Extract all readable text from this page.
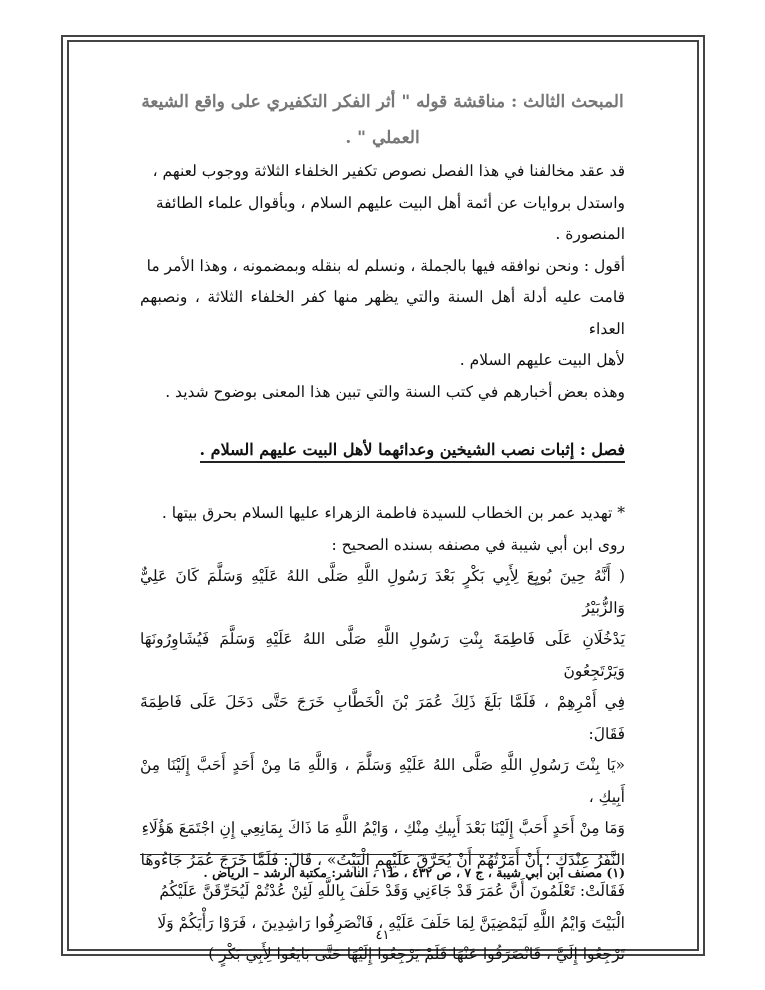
المبحث الثالث : مناقشة قوله " أثر الفكر التكفيري على واقع الشيعة
العملي " .

قد عقد مخالفنا في هذا الفصل نصوص تكفير الخلفاء الثلاثة ووجوب لعنهم ،

واستدل بروايات عن أئمة أهل البيت عليهم السلام ، وبأقوال علماء الطائفة

المنصورة .

أقول : ونحن نوافقه فيها بالجملة ، ونسلم له بنقله وبمضمونه ، وهذا الأمر ما

قامت عليه أدلة أهل السنة والتي يظهر منها كفر الخلفاء الثلاثة ، ونصبهم العداء

لأهل البيت عليهم السلام .

وهذه بعض أخبارهم في كتب السنة والتي تبين هذا المعنى بوضوح شديد .

فصل : إثبات نصب الشيخين وعدائهما لأهل البيت عليهم السلام .

* تهديد عمر بن الخطاب للسيدة فاطمة الزهراء عليها السلام بحرق بيتها .

روى ابن أبي شيبة في مصنفه بسنده الصحيح :

( أَنَّهُ حِينَ بُويِعَ لِأَبِي بَكْرٍ بَعْدَ رَسُولِ اللَّهِ صَلَّى اللهُ عَلَيْهِ وَسَلَّمَ كَانَ عَلِيٌّ وَالزُّبَيْرُ

يَدْخُلَانِ عَلَى فَاطِمَةَ بِنْتِ رَسُولِ اللَّهِ صَلَّى اللهُ عَلَيْهِ وَسَلَّمَ فَيُشَاوِرُونَهَا وَيَرْتَجِعُونَ

فِي أَمْرِهِمْ ، فَلَمَّا بَلَغَ ذَلِكَ عُمَرَ بْنَ الْخَطَّابِ خَرَجَ حَتَّى دَخَلَ عَلَى فَاطِمَةَ فَقَالَ:

«يَا بِنْتَ رَسُولِ اللَّهِ صَلَّى اللهُ عَلَيْهِ وَسَلَّمَ ، وَاللَّهِ مَا مِنْ أَحَدٍ أَحَبَّ إِلَيْنَا مِنْ أَبِيكِ ،

وَمَا مِنْ أَحَدٍ أَحَبَّ إِلَيْنَا بَعْدَ أَبِيكِ مِنْكِ ، وَايْمُ اللَّهِ مَا ذَاكَ بِمَانِعِي إِنِ اجْتَمَعَ هَؤُلَاءِ

النَّفَرُ عِنْدَكِ ؛ أَنْ أَمَرْتُهُمْ أَنْ يُحَرَّقَ عَلَيْهِمِ الْبَيْتُ» ، قَالَ: فَلَمَّا خَرَجَ عُمَرُ جَاءُوهَا

فَقَالَتْ: تَعْلَمُونَ أَنَّ عُمَرَ قَدْ جَاءَنِي وَقَدْ حَلَفَ بِاللَّهِ لَئِنْ عُدْتُمْ لَيُحَرِّقَنَّ عَلَيْكُمُ

الْبَيْتَ وَايْمُ اللَّهِ لَيَمْضِيَنَّ لِمَا حَلَفَ عَلَيْهِ ، فَانْصَرِفُوا رَاشِدِينَ ، فَرَوْا رَأْيَكُمْ وَلَا

تَرْجِعُوا إِلَيَّ ، فَانْصَرَفُوا عَنْهَا فَلَمْ يَرْجِعُوا إِلَيْهَا حَتَّى بَايَعُوا لِأَبِي بَكْرٍ )

(١) مصنف ابن أبي شيبة ، ج ٧ ، ص ٤٣٢ ، ط١ ، الناشر: مكتبة الرشد – الرياض .
٤١
